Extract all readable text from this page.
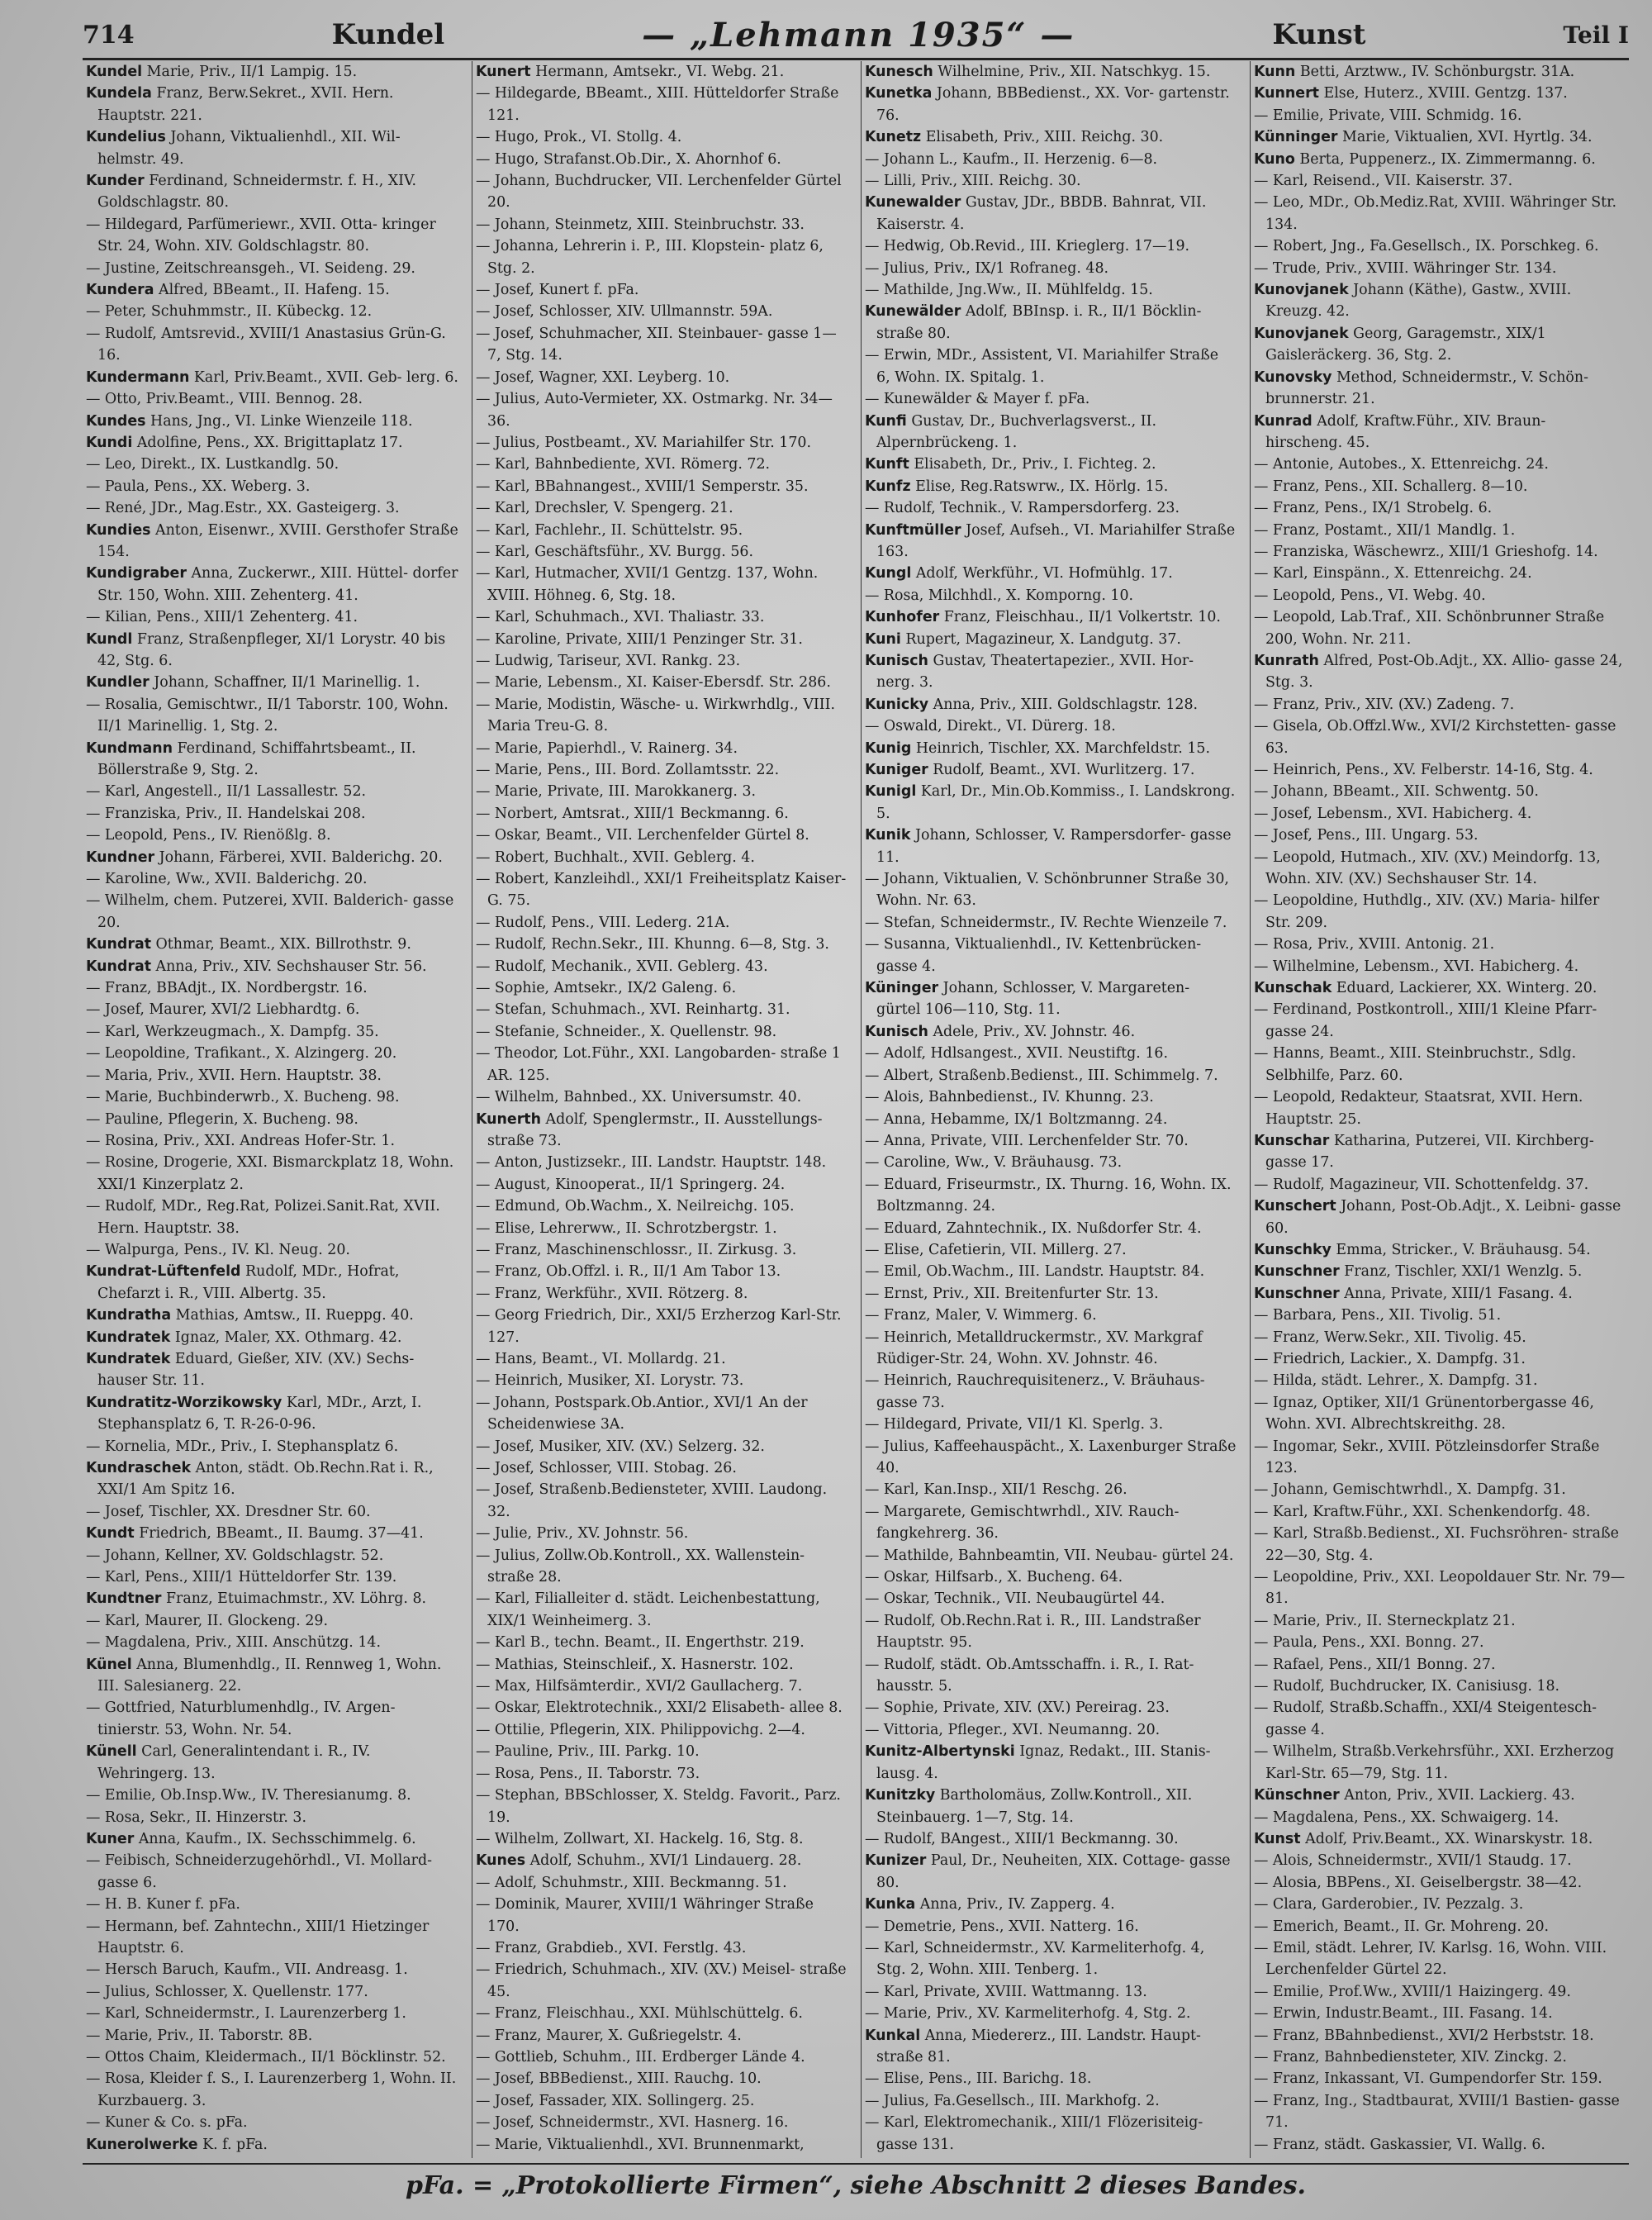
714	Kundel	— „Lehmann 1935“ —	Kunst	Teil I

Kundel Marie, Priv., II/1 Lampig. 15.

Kundela Franz, Berw.Sekret., XVII. Hern. Hauptstr. 221.

Kundelius Johann, Viktualienhdl., XII. Wil- helmstr. 49.

Kunder Ferdinand, Schneidermstr. f. H., XIV. Goldschlagstr. 80.

— Hildegard, Parfümeriewr., XVII. Otta- kringer Str. 24, Wohn. XIV. Goldschlagstr. 80.

— Justine, Zeitschreansgeh., VI. Seideng. 29.

Kundera Alfred, BBeamt., II. Hafeng. 15.

— Peter, Schuhmmstr., II. Kübeckg. 12.

— Rudolf, Amtsrevid., XVIII/1 Anastasius Grün-G. 16.

Kundermann Karl, Priv.Beamt., XVII. Geb- lerg. 6.

— Otto, Priv.Beamt., VIII. Bennog. 28.

Kundes Hans, Jng., VI. Linke Wienzeile 118.

Kundi Adolfine, Pens., XX. Brigittaplatz 17.

— Leo, Direkt., IX. Lustkandlg. 50.

— Paula, Pens., XX. Weberg. 3.

— René, JDr., Mag.Estr., XX. Gasteigerg. 3.

Kundies Anton, Eisenwr., XVIII. Gersthofer Straße 154.

Kundigraber Anna, Zuckerwr., XIII. Hüttel- dorfer Str. 150, Wohn. XIII. Zehenterg. 41.

— Kilian, Pens., XIII/1 Zehenterg. 41.

Kundl Franz, Straßenpfleger, XI/1 Lorystr. 40 bis 42, Stg. 6.

Kundler Johann, Schaffner, II/1 Marinellig. 1.

— Rosalia, Gemischtwr., II/1 Taborstr. 100, Wohn. II/1 Marinellig. 1, Stg. 2.

Kundmann Ferdinand, Schiffahrtsbeamt., II. Böllerstraße 9, Stg. 2.

— Karl, Angestell., II/1 Lassallestr. 52.

— Franziska, Priv., II. Handelskai 208.

— Leopold, Pens., IV. Rienößlg. 8.

Kundner Johann, Färberei, XVII. Balderichg. 20.

— Karoline, Ww., XVII. Balderichg. 20.

— Wilhelm, chem. Putzerei, XVII. Balderich- gasse 20.

Kundrat Othmar, Beamt., XIX. Billrothstr. 9.

Kundrat Anna, Priv., XIV. Sechshauser Str. 56.

— Franz, BBAdjt., IX. Nordbergstr. 16.

— Josef, Maurer, XVI/2 Liebhardtg. 6.

— Karl, Werkzeugmach., X. Dampfg. 35.

— Leopoldine, Trafikant., X. Alzingerg. 20.

— Maria, Priv., XVII. Hern. Hauptstr. 38.

— Marie, Buchbinderwrb., X. Bucheng. 98.

— Pauline, Pflegerin, X. Bucheng. 98.

— Rosina, Priv., XXI. Andreas Hofer-Str. 1.

— Rosine, Drogerie, XXI. Bismarckplatz 18, Wohn. XXI/1 Kinzerplatz 2.

— Rudolf, MDr., Reg.Rat, Polizei.Sanit.Rat, XVII. Hern. Hauptstr. 38.

— Walpurga, Pens., IV. Kl. Neug. 20.

Kundrat-Lüftenfeld Rudolf, MDr., Hofrat, Chefarzt i. R., VIII. Albertg. 35.

Kundratha Mathias, Amtsw., II. Rueppg. 40.

Kundratek Ignaz, Maler, XX. Othmarg. 42.

Kundratek Eduard, Gießer, XIV. (XV.) Sechs- hauser Str. 11.

Kundratitz-Worzikowsky Karl, MDr., Arzt, I. Stephansplatz 6, T. R-26-0-96.

— Kornelia, MDr., Priv., I. Stephansplatz 6.

Kundraschek Anton, städt. Ob.Rechn.Rat i. R., XXI/1 Am Spitz 16.

— Josef, Tischler, XX. Dresdner Str. 60.

Kundt Friedrich, BBeamt., II. Baumg. 37—41.

— Johann, Kellner, XV. Goldschlagstr. 52.

— Karl, Pens., XIII/1 Hütteldorfer Str. 139.

Kundtner Franz, Etuimachmstr., XV. Löhrg. 8.

— Karl, Maurer, II. Glockeng. 29.

— Magdalena, Priv., XIII. Anschützg. 14.

Künel Anna, Blumenhdlg., II. Rennweg 1, Wohn. III. Salesianerg. 22.

— Gottfried, Naturblumenhdlg., IV. Argen- tinierstr. 53, Wohn. Nr. 54.

Künell Carl, Generalintendant i. R., IV. Wehringerg. 13.

— Emilie, Ob.Insp.Ww., IV. Theresianumg. 8.

— Rosa, Sekr., II. Hinzerstr. 3.

Kuner Anna, Kaufm., IX. Sechsschimmelg. 6.

— Feibisch, Schneiderzugehörhdl., VI. Mollard- gasse 6.

— H. B. Kuner f. pFa.

— Hermann, bef. Zahntechn., XIII/1 Hietzinger Hauptstr. 6.

— Hersch Baruch, Kaufm., VII. Andreasg. 1.

— Julius, Schlosser, X. Quellenstr. 177.

— Karl, Schneidermstr., I. Laurenzerberg 1.

— Marie, Priv., II. Taborstr. 8B.

— Ottos Chaim, Kleidermach., II/1 Böcklinstr. 52.

— Rosa, Kleider f. S., I. Laurenzerberg 1, Wohn. II. Kurzbauerg. 3.

— Kuner & Co. s. pFa.

Kunerolwerke K. f. pFa.

Kunert Hermann, Amtsekr., VI. Webg. 21.

— Hildegarde, BBeamt., XIII. Hütteldorfer Straße 121.

— Hugo, Prok., VI. Stollg. 4.

— Hugo, Strafanst.Ob.Dir., X. Ahornhof 6.

— Johann, Buchdrucker, VII. Lerchenfelder Gürtel 20.

— Johann, Steinmetz, XIII. Steinbruchstr. 33.

— Johanna, Lehrerin i. P., III. Klopstein- platz 6, Stg. 2.

— Josef, Kunert f. pFa.

— Josef, Schlosser, XIV. Ullmannstr. 59A.

— Josef, Schuhmacher, XII. Steinbauer- gasse 1—7, Stg. 14.

— Josef, Wagner, XXI. Leyberg. 10.

— Julius, Auto-Vermieter, XX. Ostmarkg. Nr. 34—36.

— Julius, Postbeamt., XV. Mariahilfer Str. 170.

— Karl, Bahnbediente, XVI. Römerg. 72.

— Karl, BBahnangest., XVIII/1 Semperstr. 35.

— Karl, Drechsler, V. Spengerg. 21.

— Karl, Fachlehr., II. Schüttelstr. 95.

— Karl, Geschäftsführ., XV. Burgg. 56.

— Karl, Hutmacher, XVII/1 Gentzg. 137, Wohn. XVIII. Höhneg. 6, Stg. 18.

— Karl, Schuhmach., XVI. Thaliastr. 33.

— Karoline, Private, XIII/1 Penzinger Str. 31.

— Ludwig, Tariseur, XVI. Rankg. 23.

— Marie, Lebensm., XI. Kaiser-Ebersdf. Str. 286.

— Marie, Modistin, Wäsche- u. Wirkwrhdlg., VIII. Maria Treu-G. 8.

— Marie, Papierhdl., V. Rainerg. 34.

— Marie, Pens., III. Bord. Zollamtsstr. 22.

— Marie, Private, III. Marokkanerg. 3.

— Norbert, Amtsrat., XIII/1 Beckmanng. 6.

— Oskar, Beamt., VII. Lerchenfelder Gürtel 8.

— Robert, Buchhalt., XVII. Geblerg. 4.

— Robert, Kanzleihdl., XXI/1 Freiheitsplatz Kaiser-G. 75.

— Rudolf, Pens., VIII. Lederg. 21A.

— Rudolf, Rechn.Sekr., III. Khunng. 6—8, Stg. 3.

— Rudolf, Mechanik., XVII. Geblerg. 43.

— Sophie, Amtsekr., IX/2 Galeng. 6.

— Stefan, Schuhmach., XVI. Reinhartg. 31.

— Stefanie, Schneider., X. Quellenstr. 98.

— Theodor, Lot.Führ., XXI. Langobarden- straße 1 AR. 125.

— Wilhelm, Bahnbed., XX. Universumstr. 40.

Kunerth Adolf, Spenglermstr., II. Ausstellungs- straße 73.

— Anton, Justizsekr., III. Landstr. Hauptstr. 148.

— August, Kinooperat., II/1 Springerg. 24.

— Edmund, Ob.Wachm., X. Neilreichg. 105.

— Elise, Lehrerww., II. Schrotzbergstr. 1.

— Franz, Maschinenschlossr., II. Zirkusg. 3.

— Franz, Ob.Offzl. i. R., II/1 Am Tabor 13.

— Franz, Werkführ., XVII. Rötzerg. 8.

— Georg Friedrich, Dir., XXI/5 Erzherzog Karl-Str. 127.

— Hans, Beamt., VI. Mollardg. 21.

— Heinrich, Musiker, XI. Lorystr. 73.

— Johann, Postspark.Ob.Antior., XVI/1 An der Scheidenwiese 3A.

— Josef, Musiker, XIV. (XV.) Selzerg. 32.

— Josef, Schlosser, VIII. Stobag. 26.

— Josef, Straßenb.Bediensteter, XVIII. Laudong. 32.

— Julie, Priv., XV. Johnstr. 56.

— Julius, Zollw.Ob.Kontroll., XX. Wallenstein- straße 28.

— Karl, Filialleiter d. städt. Leichenbestattung, XIX/1 Weinheimerg. 3.

— Karl B., techn. Beamt., II. Engerthstr. 219.

— Mathias, Steinschleif., X. Hasnerstr. 102.

— Max, Hilfsämterdir., XVI/2 Gaullacherg. 7.

— Oskar, Elektrotechnik., XXI/2 Elisabeth- allee 8.

— Ottilie, Pflegerin, XIX. Philippovichg. 2—4.

— Pauline, Priv., III. Parkg. 10.

— Rosa, Pens., II. Taborstr. 73.

— Stephan, BBSchlosser, X. Steldg. Favorit., Parz. 19.

— Wilhelm, Zollwart, XI. Hackelg. 16, Stg. 8.

Kunes Adolf, Schuhm., XVI/1 Lindauerg. 28.

— Adolf, Schuhmstr., XIII. Beckmanng. 51.

— Dominik, Maurer, XVIII/1 Währinger Straße 170.

— Franz, Grabdieb., XVI. Ferstlg. 43.

— Friedrich, Schuhmach., XIV. (XV.) Meisel- straße 45.

— Franz, Fleischhau., XXI. Mühlschüttelg. 6.

— Franz, Maurer, X. Gußriegelstr. 4.

— Gottlieb, Schuhm., III. Erdberger Lände 4.

— Josef, BBBedienst., XIII. Rauchg. 10.

— Josef, Fassader, XIX. Sollingerg. 25.

— Josef, Schneidermstr., XVI. Hasnerg. 16.

— Marie, Viktualienhdl., XVI. Brunnenmarkt,

Kunesch Wilhelmine, Priv., XII. Natschkyg. 15.

Kunetka Johann, BBBedienst., XX. Vor- gartenstr. 76.

Kunetz Elisabeth, Priv., XIII. Reichg. 30.

— Johann L., Kaufm., II. Herzenig. 6—8.

— Lilli, Priv., XIII. Reichg. 30.

Kunewalder Gustav, JDr., BBDB. Bahnrat, VII. Kaiserstr. 4.

— Hedwig, Ob.Revid., III. Krieglerg. 17—19.

— Julius, Priv., IX/1 Rofraneg. 48.

— Mathilde, Jng.Ww., II. Mühlfeldg. 15.

Kunewälder Adolf, BBInsp. i. R., II/1 Böcklin- straße 80.

— Erwin, MDr., Assistent, VI. Mariahilfer Straße 6, Wohn. IX. Spitalg. 1.

— Kunewälder & Mayer f. pFa.

Kunfi Gustav, Dr., Buchverlagsverst., II. Alpernbrückeng. 1.

Kunft Elisabeth, Dr., Priv., I. Fichteg. 2.

Kunfz Elise, Reg.Ratswrw., IX. Hörlg. 15.

— Rudolf, Technik., V. Rampersdorferg. 23.

Kunftmüller Josef, Aufseh., VI. Mariahilfer Straße 163.

Kungl Adolf, Werkführ., VI. Hofmühlg. 17.

— Rosa, Milchhdl., X. Komporng. 10.

Kunhofer Franz, Fleischhau., II/1 Volkertstr. 10.

Kuni Rupert, Magazineur, X. Landgutg. 37.

Kunisch Gustav, Theatertapezier., XVII. Hor- nerg. 3.

Kunicky Anna, Priv., XIII. Goldschlagstr. 128.

— Oswald, Direkt., VI. Dürerg. 18.

Kunig Heinrich, Tischler, XX. Marchfeldstr. 15.

Kuniger Rudolf, Beamt., XVI. Wurlitzerg. 17.

Kunigl Karl, Dr., Min.Ob.Kommiss., I. Landskrong. 5.

Kunik Johann, Schlosser, V. Rampersdorfer- gasse 11.

— Johann, Viktualien, V. Schönbrunner Straße 30, Wohn. Nr. 63.

— Stefan, Schneidermstr., IV. Rechte Wienzeile 7.

— Susanna, Viktualienhdl., IV. Kettenbrücken- gasse 4.

Küninger Johann, Schlosser, V. Margareten- gürtel 106—110, Stg. 11.

Kunisch Adele, Priv., XV. Johnstr. 46.

— Adolf, Hdlsangest., XVII. Neustiftg. 16.

— Albert, Straßenb.Bedienst., III. Schimmelg. 7.

— Alois, Bahnbedienst., IV. Khunng. 23.

— Anna, Hebamme, IX/1 Boltzmanng. 24.

— Anna, Private, VIII. Lerchenfelder Str. 70.

— Caroline, Ww., V. Bräuhausg. 73.

— Eduard, Friseurmstr., IX. Thurng. 16, Wohn. IX. Boltzmanng. 24.

— Eduard, Zahntechnik., IX. Nußdorfer Str. 4.

— Elise, Cafetierin, VII. Millerg. 27.

— Emil, Ob.Wachm., III. Landstr. Hauptstr. 84.

— Ernst, Priv., XII. Breitenfurter Str. 13.

— Franz, Maler, V. Wimmerg. 6.

— Heinrich, Metalldruckermstr., XV. Markgraf Rüdiger-Str. 24, Wohn. XV. Johnstr. 46.

— Heinrich, Rauchrequisitenerz., V. Bräuhaus- gasse 73.

— Hildegard, Private, VII/1 Kl. Sperlg. 3.

— Julius, Kaffeehauspächt., X. Laxenburger Straße 40.

— Karl, Kan.Insp., XII/1 Reschg. 26.

— Margarete, Gemischtwrhdl., XIV. Rauch- fangkehrerg. 36.

— Mathilde, Bahnbeamtin, VII. Neubau- gürtel 24.

— Oskar, Hilfsarb., X. Bucheng. 64.

— Oskar, Technik., VII. Neubaugürtel 44.

— Rudolf, Ob.Rechn.Rat i. R., III. Landstraßer Hauptstr. 95.

— Rudolf, städt. Ob.Amtsschaffn. i. R., I. Rat- hausstr. 5.

— Sophie, Private, XIV. (XV.) Pereirag. 23.

— Vittoria, Pfleger., XVI. Neumanng. 20.

Kunitz-Albertynski Ignaz, Redakt., III. Stanis- lausg. 4.

Kunitzky Bartholomäus, Zollw.Kontroll., XII. Steinbauerg. 1—7, Stg. 14.

— Rudolf, BAngest., XIII/1 Beckmanng. 30.

Kunizer Paul, Dr., Neuheiten, XIX. Cottage- gasse 80.

Kunka Anna, Priv., IV. Zapperg. 4.

— Demetrie, Pens., XVII. Natterg. 16.

— Karl, Schneidermstr., XV. Karmeliterhofg. 4, Stg. 2, Wohn. XIII. Tenberg. 1.

— Karl, Private, XVIII. Wattmanng. 13.

— Marie, Priv., XV. Karmeliterhofg. 4, Stg. 2.

Kunkal Anna, Miedererz., III. Landstr. Haupt- straße 81.

— Elise, Pens., III. Barichg. 18.

— Julius, Fa.Gesellsch., III. Markhofg. 2.

— Karl, Elektromechanik., XIII/1 Flözerisiteig- gasse 131.

Kunn Betti, Arztww., IV. Schönburgstr. 31A.

Kunnert Else, Huterz., XVIII. Gentzg. 137.

— Emilie, Private, VIII. Schmidg. 16.

Künninger Marie, Viktualien, XVI. Hyrtlg. 34.

Kuno Berta, Puppenerz., IX. Zimmermanng. 6.

— Karl, Reisend., VII. Kaiserstr. 37.

— Leo, MDr., Ob.Mediz.Rat, XVIII. Währinger Str. 134.

— Robert, Jng., Fa.Gesellsch., IX. Porschkeg. 6.

— Trude, Priv., XVIII. Währinger Str. 134.

Kunovjanek Johann (Käthe), Gastw., XVIII. Kreuzg. 42.

Kunovjanek Georg, Garagemstr., XIX/1 Gaisleräckerg. 36, Stg. 2.

Kunovsky Method, Schneidermstr., V. Schön- brunnerstr. 21.

Kunrad Adolf, Kraftw.Führ., XIV. Braun- hirscheng. 45.

— Antonie, Autobes., X. Ettenreichg. 24.

— Franz, Pens., XII. Schallerg. 8—10.

— Franz, Pens., IX/1 Strobelg. 6.

— Franz, Postamt., XII/1 Mandlg. 1.

— Franziska, Wäschewrz., XIII/1 Grieshofg. 14.

— Karl, Einspänn., X. Ettenreichg. 24.

— Leopold, Pens., VI. Webg. 40.

— Leopold, Lab.Traf., XII. Schönbrunner Straße 200, Wohn. Nr. 211.

Kunrath Alfred, Post-Ob.Adjt., XX. Allio- gasse 24, Stg. 3.

— Franz, Priv., XIV. (XV.) Zadeng. 7.

— Gisela, Ob.Offzl.Ww., XVI/2 Kirchstetten- gasse 63.

— Heinrich, Pens., XV. Felberstr. 14-16, Stg. 4.

— Johann, BBeamt., XII. Schwentg. 50.

— Josef, Lebensm., XVI. Habicherg. 4.

— Josef, Pens., III. Ungarg. 53.

— Leopold, Hutmach., XIV. (XV.) Meindorfg. 13, Wohn. XIV. (XV.) Sechshauser Str. 14.

— Leopoldine, Huthdlg., XIV. (XV.) Maria- hilfer Str. 209.

— Rosa, Priv., XVIII. Antonig. 21.

— Wilhelmine, Lebensm., XVI. Habicherg. 4.

Kunschak Eduard, Lackierer, XX. Winterg. 20.

— Ferdinand, Postkontroll., XIII/1 Kleine Pfarr- gasse 24.

— Hanns, Beamt., XIII. Steinbruchstr., Sdlg. Selbhilfe, Parz. 60.

— Leopold, Redakteur, Staatsrat, XVII. Hern. Hauptstr. 25.

Kunschar Katharina, Putzerei, VII. Kirchberg- gasse 17.

— Rudolf, Magazineur, VII. Schottenfeldg. 37.

Kunschert Johann, Post-Ob.Adjt., X. Leibni- gasse 60.

Kunschky Emma, Stricker., V. Bräuhausg. 54.

Kunschner Franz, Tischler, XXI/1 Wenzlg. 5.

Kunschner Anna, Private, XIII/1 Fasang. 4.

— Barbara, Pens., XII. Tivolig. 51.

— Franz, Werw.Sekr., XII. Tivolig. 45.

— Friedrich, Lackier., X. Dampfg. 31.

— Hilda, städt. Lehrer., X. Dampfg. 31.

— Ignaz, Optiker, XII/1 Grünentorbergasse 46, Wohn. XVI. Albrechtskreithg. 28.

— Ingomar, Sekr., XVIII. Pötzleinsdorfer Straße 123.

— Johann, Gemischtwrhdl., X. Dampfg. 31.

— Karl, Kraftw.Führ., XXI. Schenkendorfg. 48.

— Karl, Straßb.Bedienst., XI. Fuchsröhren- straße 22—30, Stg. 4.

— Leopoldine, Priv., XXI. Leopoldauer Str. Nr. 79—81.

— Marie, Priv., II. Sterneckplatz 21.

— Paula, Pens., XXI. Bonng. 27.

— Rafael, Pens., XII/1 Bonng. 27.

— Rudolf, Buchdrucker, IX. Canisiusg. 18.

— Rudolf, Straßb.Schaffn., XXI/4 Steigentesch- gasse 4.

— Wilhelm, Straßb.Verkehrsführ., XXI. Erzherzog Karl-Str. 65—79, Stg. 11.

Künschner Anton, Priv., XVII. Lackierg. 43.

— Magdalena, Pens., XX. Schwaigerg. 14.

Kunst Adolf, Priv.Beamt., XX. Winarskystr. 18.

— Alois, Schneidermstr., XVII/1 Staudg. 17.

— Alosia, BBPens., XI. Geiselbergstr. 38—42.

— Clara, Garderobier., IV. Pezzalg. 3.

— Emerich, Beamt., II. Gr. Mohreng. 20.

— Emil, städt. Lehrer, IV. Karlsg. 16, Wohn. VIII. Lerchenfelder Gürtel 22.

— Emilie, Prof.Ww., XVIII/1 Haizingerg. 49.

— Erwin, Industr.Beamt., III. Fasang. 14.

— Franz, BBahnbedienst., XVI/2 Herbststr. 18.

— Franz, Bahnbediensteter, XIV. Zinckg. 2.

— Franz, Inkassant, VI. Gumpendorfer Str. 159.

— Franz, Ing., Stadtbaurat, XVIII/1 Bastien- gasse 71.

— Franz, städt. Gaskassier, VI. Wallg. 6.

pFa. = „Protokollierte Firmen“, siehe Abschnitt 2 dieses Bandes.
